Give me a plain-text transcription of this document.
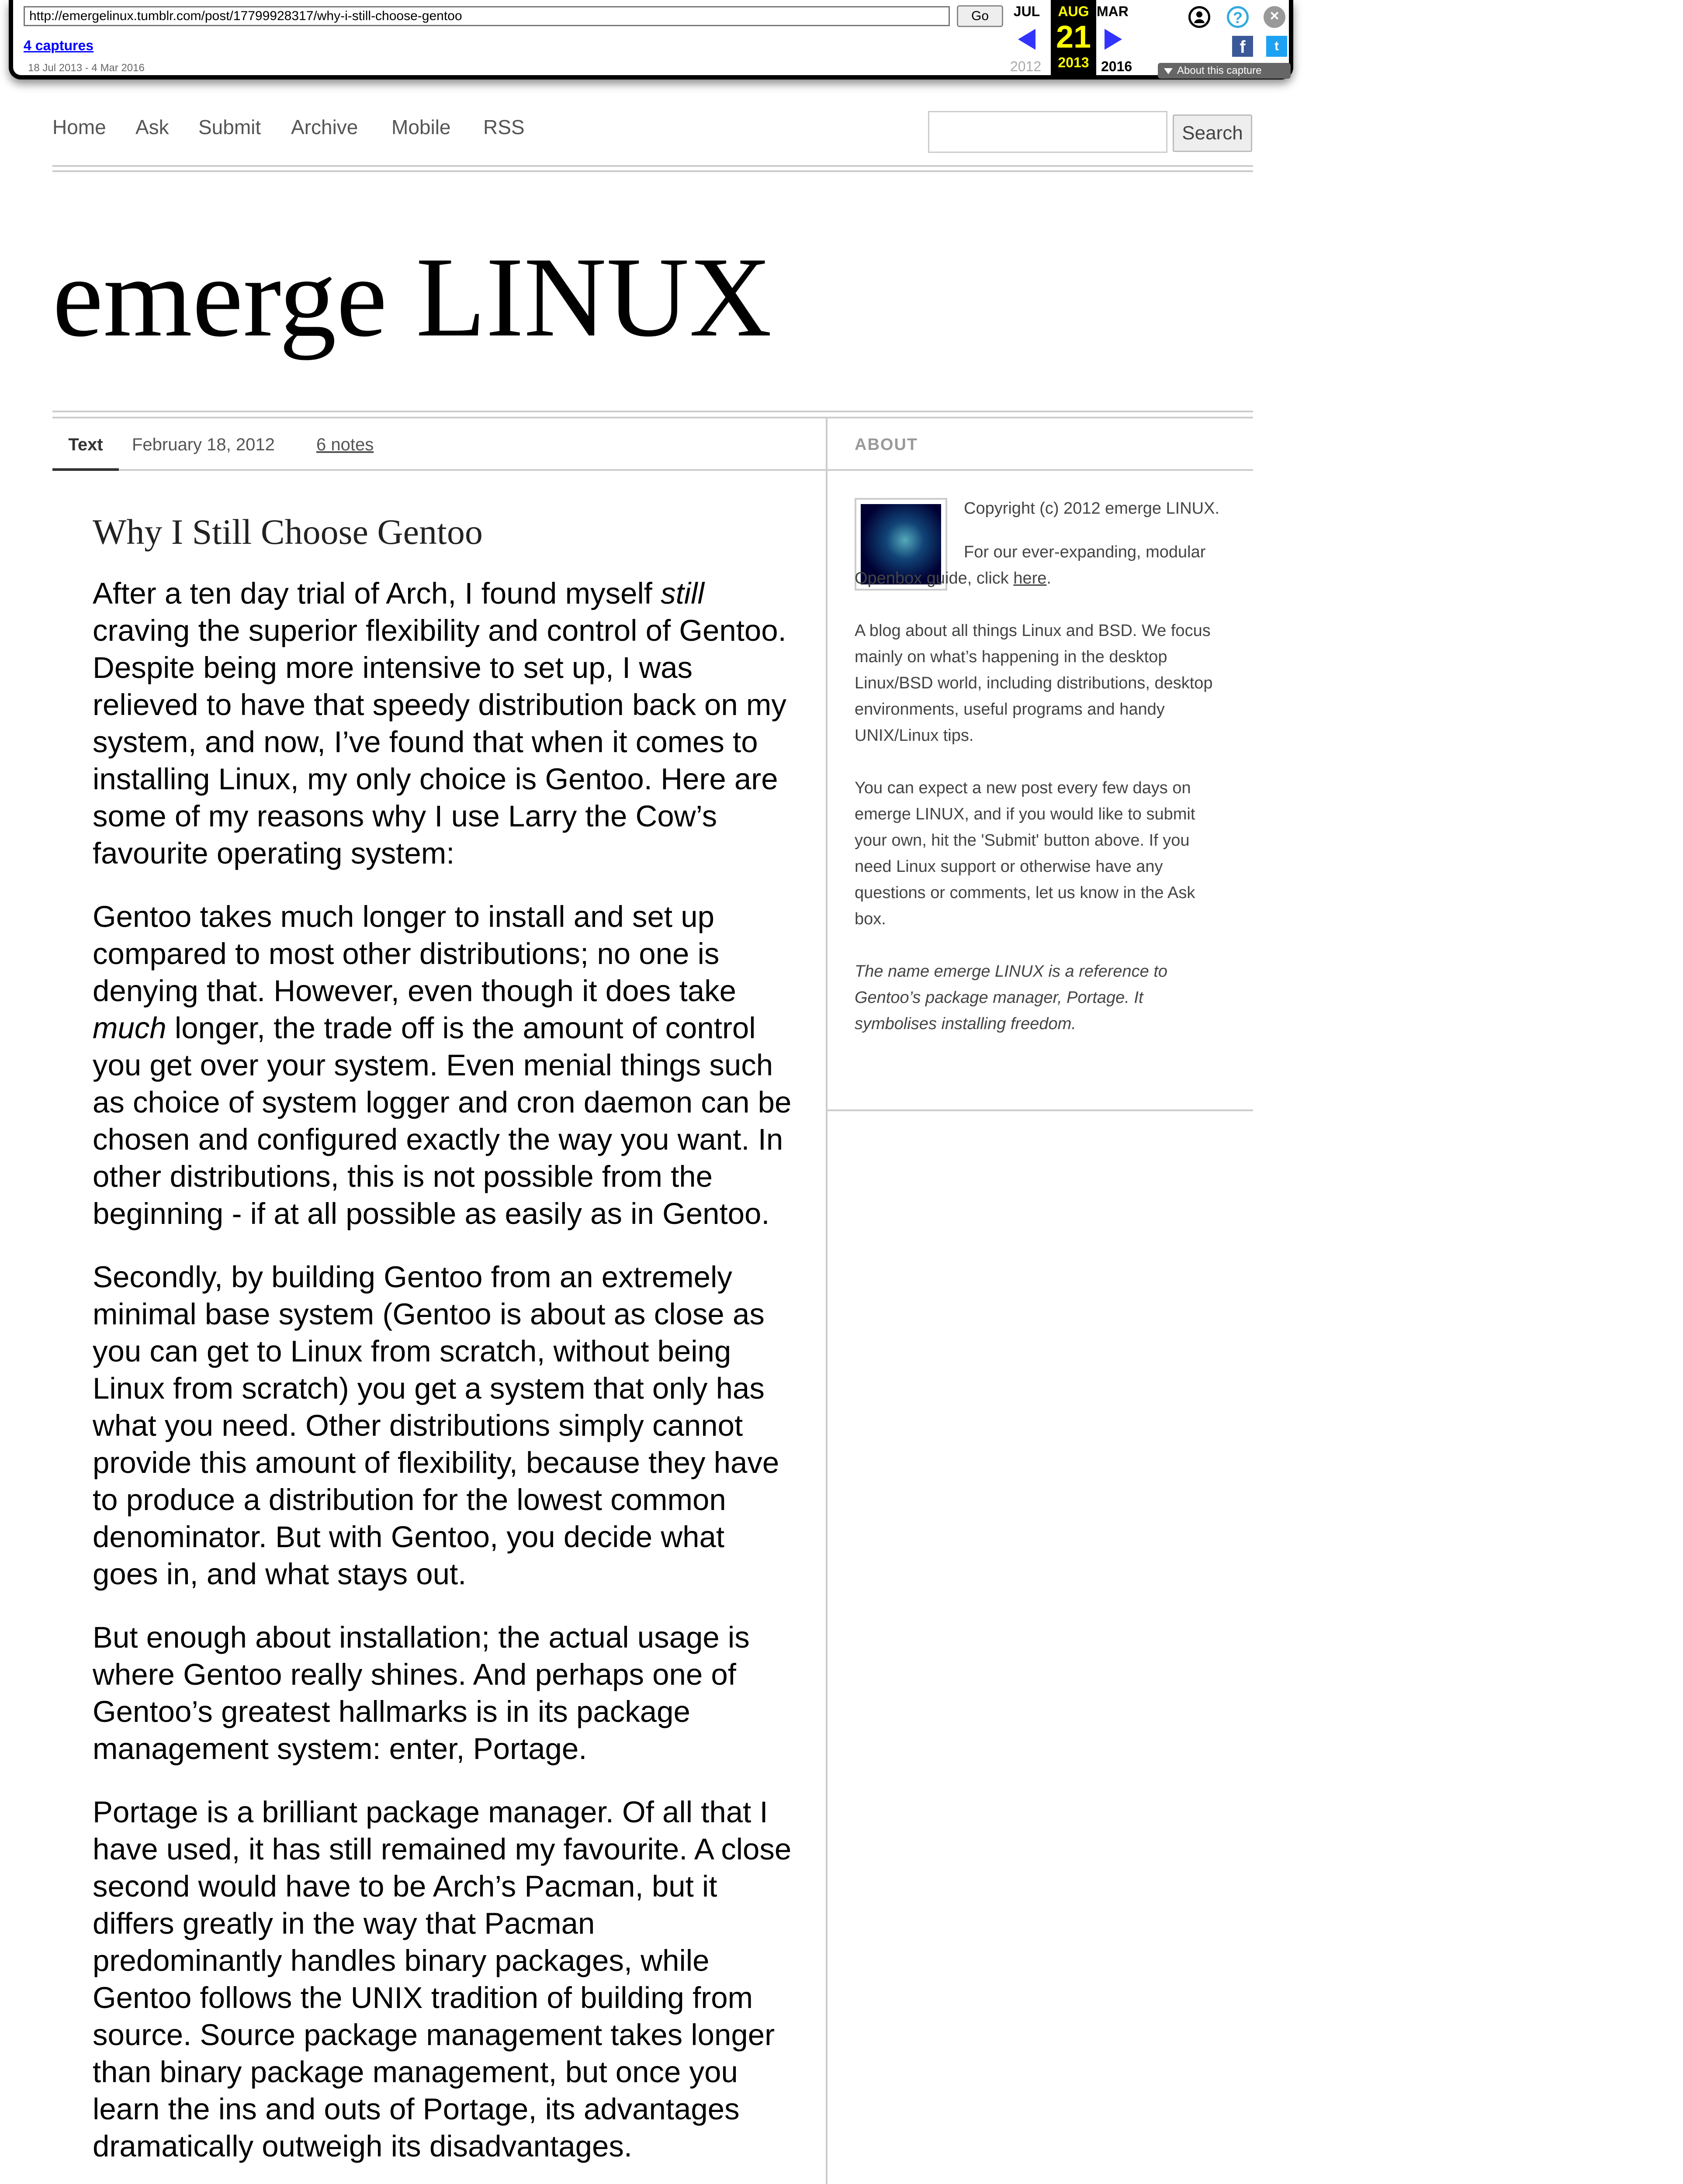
http://emergelinux.tumblr.com/post/17799928317/why-i-still-choose-gentoo
Go
4 captures
18 Jul 2013 - 4 Mar 2016
JUL	AUG
21
2013
MAR
2012	2016
?	×
f	t
About this capture
Home Ask Submit Archive Mobile RSS	Search
emerge LINUX
Text	February 18, 2012 6 notes
Why I Still Choose Gentoo

After a ten day trial of Arch, I found myself still craving the superior flexibility and control of Gentoo. Despite being more intensive to set up, I was relieved to have that speedy distribution back on my system, and now, I’ve found that when it comes to installing Linux, my only choice is Gentoo. Here are some of my reasons why I use Larry the Cow’s favourite operating system:

Gentoo takes much longer to install and set up compared to most other distributions; no one is denying that. However, even though it does take much longer, the trade off is the amount of control you get over your system. Even menial things such as choice of system logger and cron daemon can be chosen and configured exactly the way you want. In other distributions, this is not possible from the beginning - if at all possible as easily as in Gentoo.

Secondly, by building Gentoo from an extremely minimal base system (Gentoo is about as close as you can get to Linux from scratch, without being Linux from scratch) you get a system that only has what you need. Other distributions simply cannot provide this amount of flexibility, because they have to produce a distribution for the lowest common denominator. But with Gentoo, you decide what goes in, and what stays out.

But enough about installation; the actual usage is where Gentoo really shines. And perhaps one of Gentoo’s greatest hallmarks is in its package management system: enter, Portage.

Portage is a brilliant package manager. Of all that I have used, it has still remained my favourite. A close second would have to be Arch’s Pacman, but it differs greatly in the way that Pacman predominantly handles binary packages, while Gentoo follows the UNIX tradition of building from source. Source package management takes longer than binary package management, but once you learn the ins and outs of Portage, its advantages dramatically outweigh its disadvantages.

ABOUT

Copyright (c) 2012 emerge LINUX.

For our ever-expanding, modular Openbox guide, click here.

A blog about all things Linux and BSD. We focus mainly on what’s happening in the desktop Linux/BSD world, including distributions, desktop environments, useful programs and handy UNIX/Linux tips.

You can expect a new post every few days on emerge LINUX, and if you would like to submit your own, hit the 'Submit' button above. If you need Linux support or otherwise have any questions or comments, let us know in the Ask box.

The name emerge LINUX is a reference to Gentoo’s package manager, Portage. It symbolises installing freedom.
